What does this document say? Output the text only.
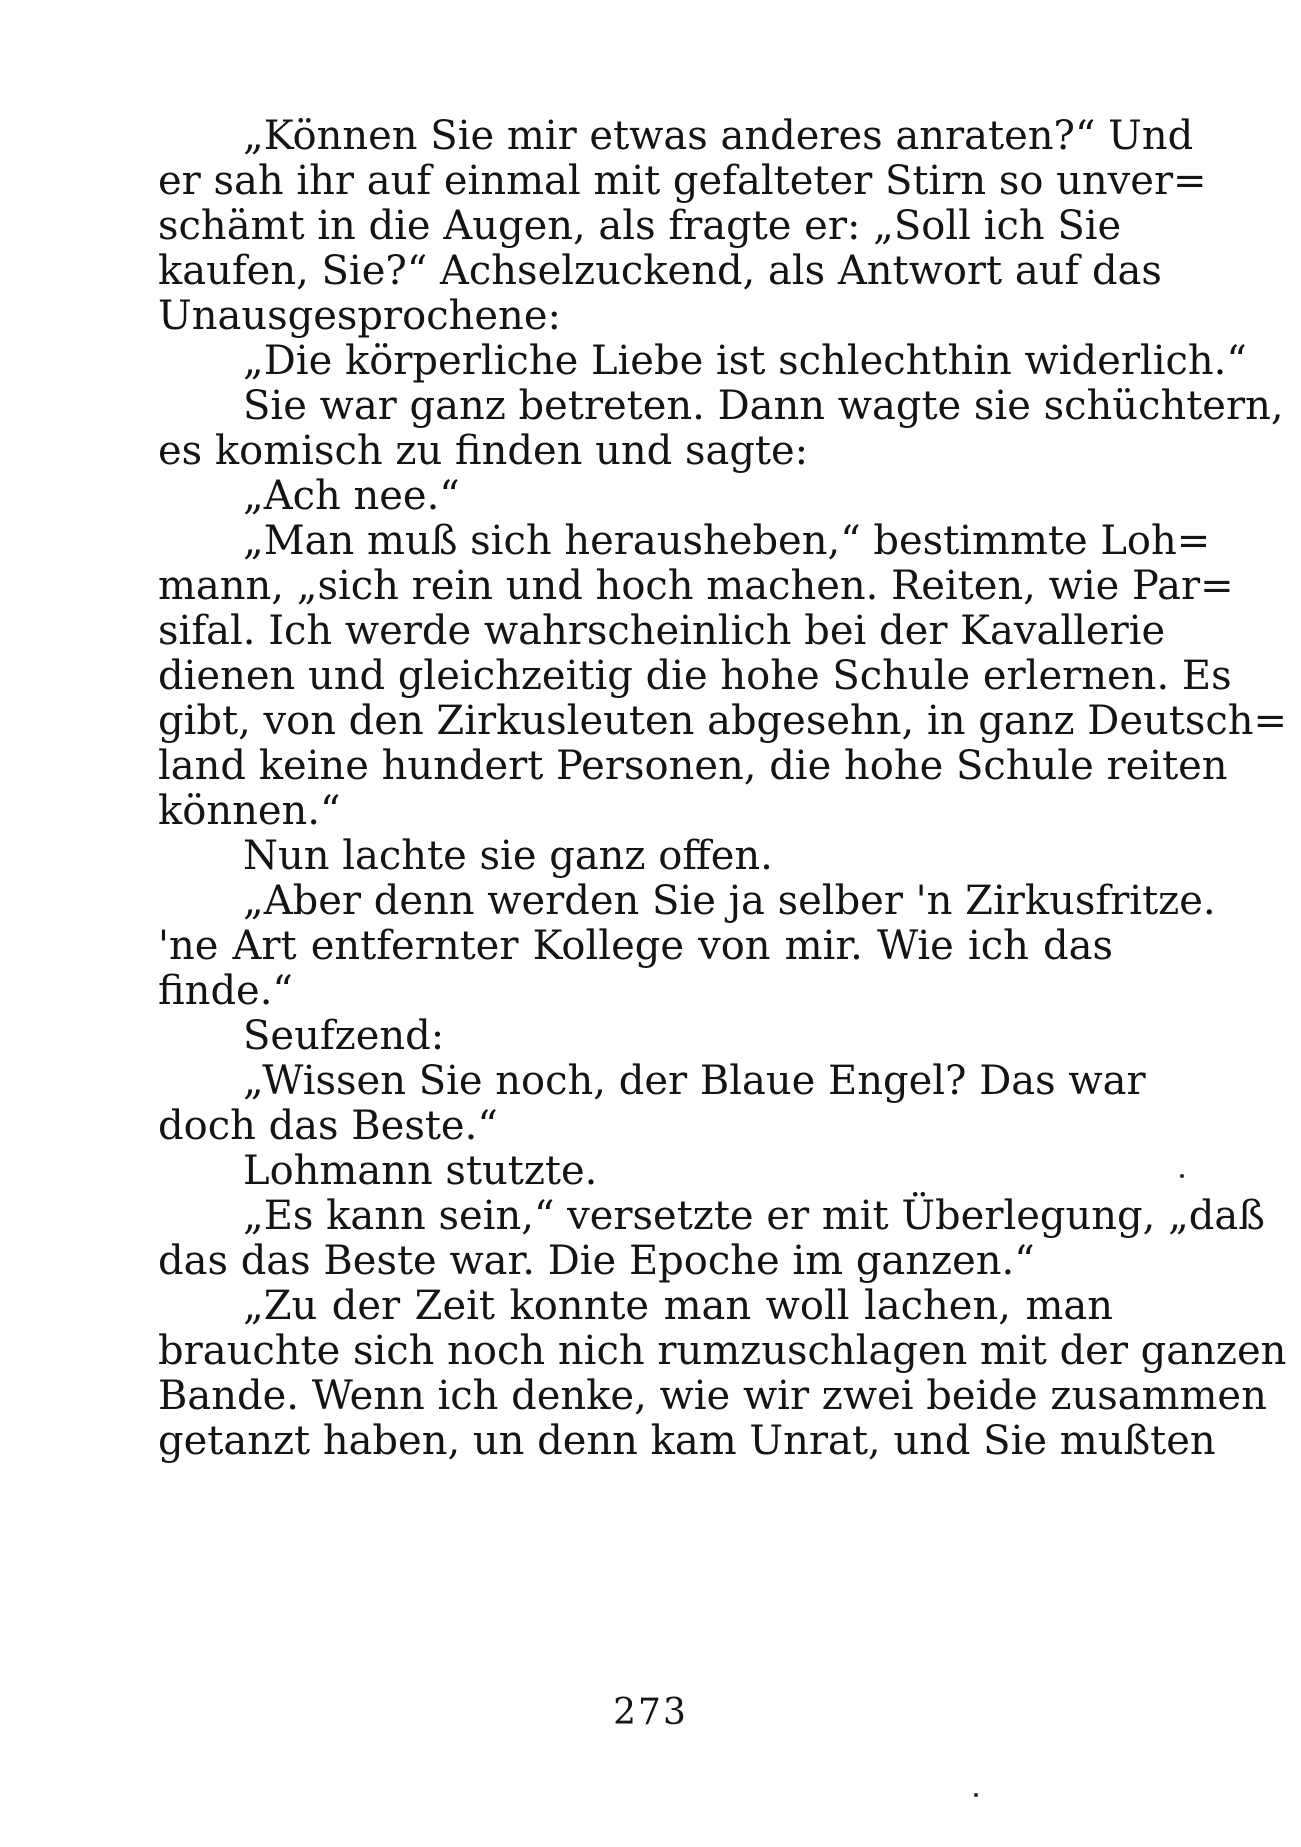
„Können Sie mir etwas anderes anraten?“ Und
er sah ihr auf einmal mit gefalteter Stirn so unver=
schämt in die Augen, als fragte er: „Soll ich Sie
kaufen, Sie?“ Achselzuckend, als Antwort auf das
Unausgesprochene:
„Die körperliche Liebe ist schlechthin widerlich.“
Sie war ganz betreten. Dann wagte sie schüchtern,
es komisch zu finden und sagte:
„Ach nee.“
„Man muß sich herausheben,“ bestimmte Loh=
mann, „sich rein und hoch machen. Reiten, wie Par=
sifal. Ich werde wahrscheinlich bei der Kavallerie
dienen und gleichzeitig die hohe Schule erlernen. Es
gibt, von den Zirkusleuten abgesehn, in ganz Deutsch=
land keine hundert Personen, die hohe Schule reiten
können.“
Nun lachte sie ganz offen.
„Aber denn werden Sie ja selber 'n Zirkusfritze.
'ne Art entfernter Kollege von mir. Wie ich das
finde.“
Seufzend:
„Wissen Sie noch, der Blaue Engel? Das war
doch das Beste.“
Lohmann stutzte.
„Es kann sein,“ versetzte er mit Überlegung, „daß
das das Beste war. Die Epoche im ganzen.“
„Zu der Zeit konnte man woll lachen, man
brauchte sich noch nich rumzuschlagen mit der ganzen
Bande. Wenn ich denke, wie wir zwei beide zusammen
getanzt haben, un denn kam Unrat, und Sie mußten
273
